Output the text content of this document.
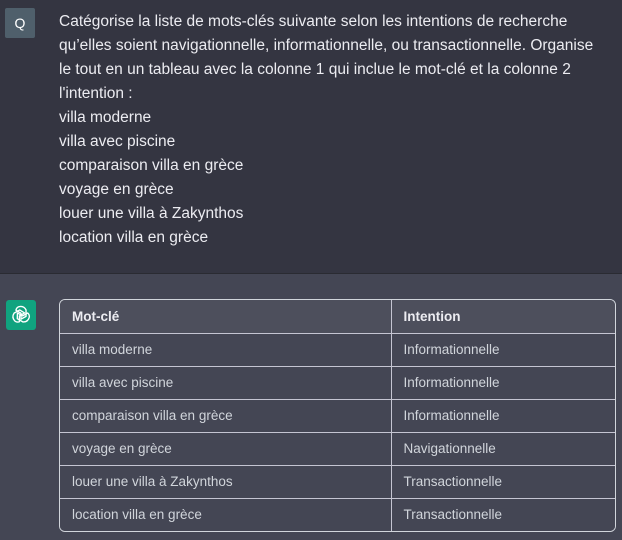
Q	Catégorise la liste de mots-clés suivante selon les intentions de recherche
qu’elles soient navigationnelle, informationnelle, ou transactionnelle. Organise
le tout en un tableau avec la colonne 1 qui inclue le mot-clé et la colonne 2
l'intention :
villa moderne
villa avec piscine
comparaison villa en grèce
voyage en grèce
louer une villa à Zakynthos
location villa en grèce
Mot-clé	Intention
villa moderne	Informationnelle
villa avec piscine	Informationnelle
comparaison villa en grèce	Informationnelle
voyage en grèce	Navigationnelle
louer une villa à Zakynthos	Transactionnelle
location villa en grèce	Transactionnelle
